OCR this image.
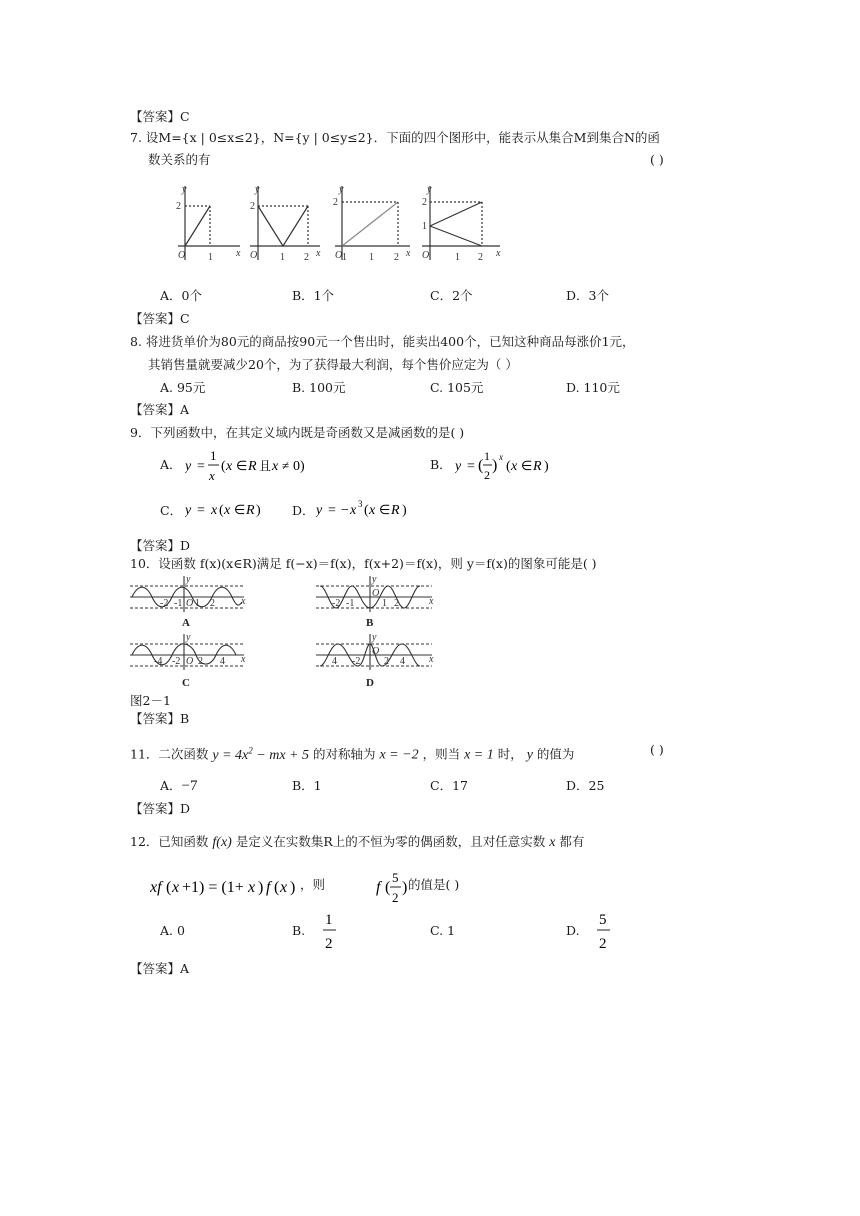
【答案】C
7. 设M={x | 0≤x≤2}，N={y | 0≤y≤2}．下面的四个图形中，能表示从集合M到集合N的函
数关系的有	( )
O 1 x
2
y
O 1 2 x
2
y
O 1 1 2 x
2
y
O	1 2 x
2
1
y
A．0个	B．1个	C．2个	D．3个
【答案】C
8. 将进货单价为80元的商品按90元一个售出时，能卖出400个，已知这种商品每涨价1元，
其销售量就要减少20个，为了获得最大利润，每个售价应定为（ ）
A. 95元	B. 100元	C. 105元	D. 110元
【答案】A
9．下列函数中，在其定义域内既是奇函数又是减函数的是( )
A． y =
1
x
( x ∈ R 且 x ≠ 0)	B． y = (
1
2
) x
( x ∈ R )
C． y = x ( x ∈ R )	D． y = − x 3 ( x ∈ R )
【答案】D
10．设函数 f(x)(x∈R)满足 f(−x)＝f(x)，f(x+2)＝f(x)，则 y＝f(x)的图象可能是( )
-2 -1 O 1 2	x
y
-2 -1
O
1 2	x
y
-4 -2 O 2 4 x
y
4 -2
O
2 4 x
y
A	B
C	D
图2－1
【答案】B
11．二次函数 $y = 4x^2$ − mx + 5 的对称轴为 x = −2 ，则当 x = 1 时， y 的值为	( )
A．−7	B．1	C．17	D．25
【答案】D
12．已知函数 f(x) 是定义在实数集R上的不恒为零的偶函数，且对任意实数 x 都有
xf ( x +1) = (1+ x ) f ( x )	f (
5
2
)
，则	的值是( )
A. 0	B.
1
2
C. 1	D.
5
2
【答案】A
